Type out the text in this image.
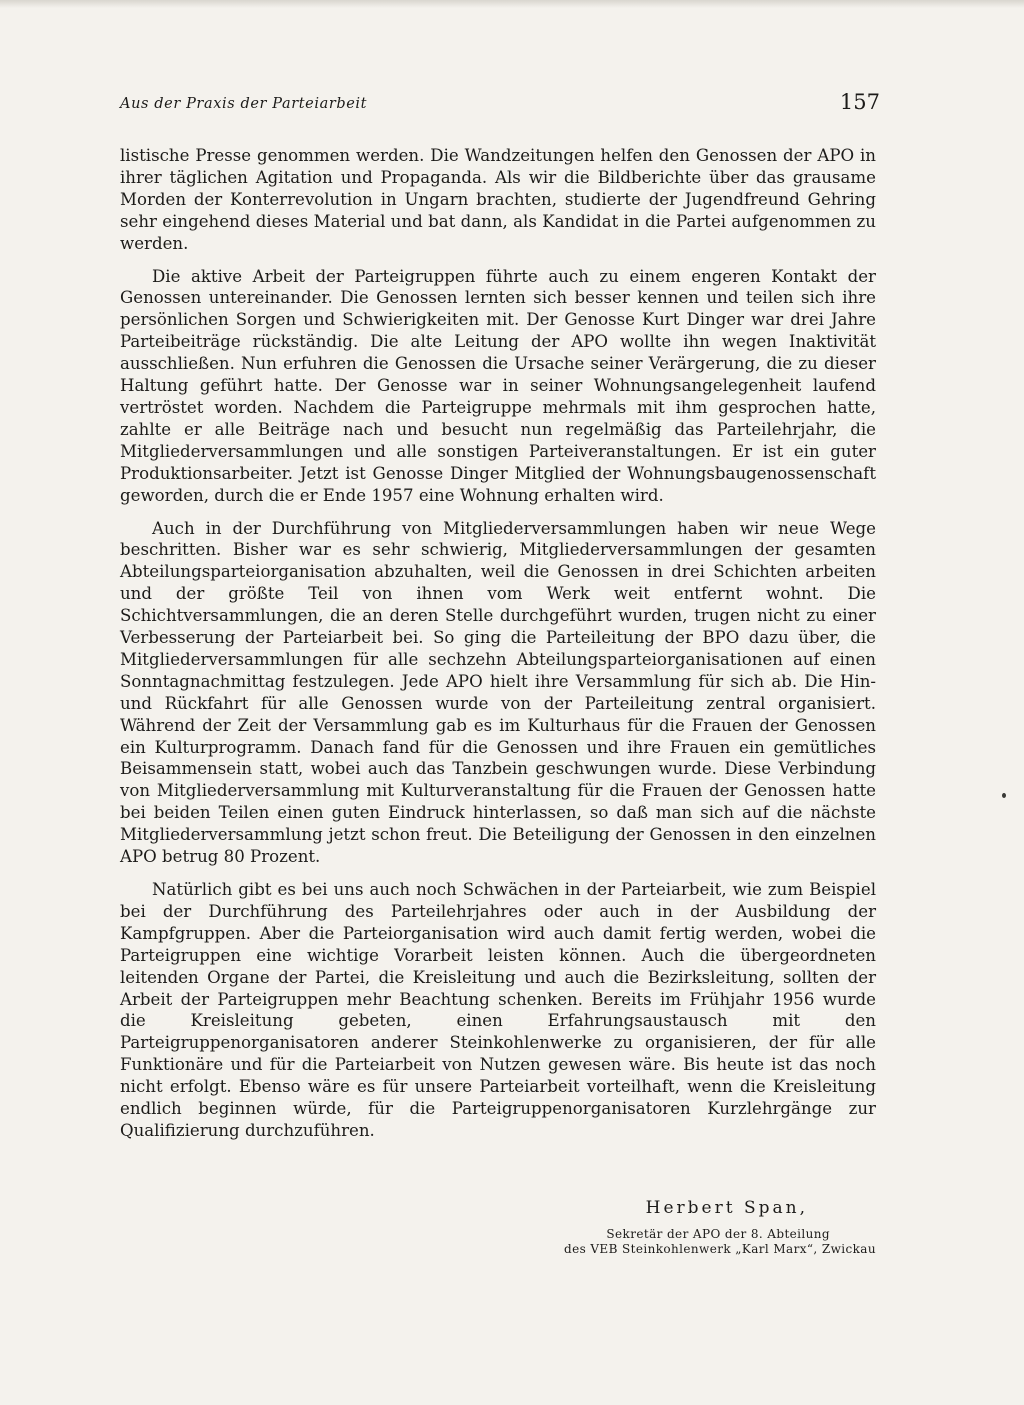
Aus der Praxis der Parteiarbeit	157

listische Presse genommen werden. Die Wandzeitungen helfen den Genossen der APO in ihrer täglichen Agitation und Propaganda. Als wir die Bildberichte über das grausame Morden der Konterrevolution in Ungarn brachten, studierte der Jugendfreund Gehring sehr eingehend dieses Material und bat dann, als Kandidat in die Partei aufgenommen zu werden.

Die aktive Arbeit der Parteigruppen führte auch zu einem engeren Kontakt der Genossen untereinander. Die Genossen lernten sich besser kennen und teilen sich ihre persönlichen Sorgen und Schwierigkeiten mit. Der Genosse Kurt Dinger war drei Jahre Parteibeiträge rückständig. Die alte Leitung der APO wollte ihn wegen Inaktivität ausschließen. Nun erfuhren die Genossen die Ursache seiner Verärgerung, die zu dieser Haltung geführt hatte. Der Genosse war in seiner Wohnungsangelegenheit laufend vertröstet worden. Nachdem die Parteigruppe mehrmals mit ihm gesprochen hatte, zahlte er alle Beiträge nach und besucht nun regelmäßig das Parteilehrjahr, die Mitgliederversammlungen und alle sonstigen Parteiveranstaltungen. Er ist ein guter Produktionsarbeiter. Jetzt ist Genosse Dinger Mitglied der Wohnungsbaugenossenschaft geworden, durch die er Ende 1957 eine Wohnung erhalten wird.

Auch in der Durchführung von Mitgliederversammlungen haben wir neue Wege beschritten. Bisher war es sehr schwierig, Mitgliederversammlungen der gesamten Abteilungsparteiorganisation abzuhalten, weil die Genossen in drei Schichten arbeiten und der größte Teil von ihnen vom Werk weit entfernt wohnt. Die Schichtversammlungen, die an deren Stelle durchgeführt wurden, trugen nicht zu einer Verbesserung der Parteiarbeit bei. So ging die Parteileitung der BPO dazu über, die Mitgliederversammlungen für alle sechzehn Abteilungsparteiorganisationen auf einen Sonntagnachmittag festzulegen. Jede APO hielt ihre Versammlung für sich ab. Die Hin- und Rückfahrt für alle Genossen wurde von der Parteileitung zentral organisiert. Während der Zeit der Versammlung gab es im Kulturhaus für die Frauen der Genossen ein Kulturprogramm. Danach fand für die Genossen und ihre Frauen ein gemütliches Beisammensein statt, wobei auch das Tanzbein geschwungen wurde. Diese Verbindung von Mitgliederversammlung mit Kulturveranstaltung für die Frauen der Genossen hatte bei beiden Teilen einen guten Eindruck hinterlassen, so daß man sich auf die nächste Mitgliederversammlung jetzt schon freut. Die Beteiligung der Genossen in den einzelnen APO betrug 80 Prozent.

Natürlich gibt es bei uns auch noch Schwächen in der Parteiarbeit, wie zum Beispiel bei der Durchführung des Parteilehrjahres oder auch in der Ausbildung der Kampfgruppen. Aber die Parteiorganisation wird auch damit fertig werden, wobei die Parteigruppen eine wichtige Vorarbeit leisten können. Auch die übergeordneten leitenden Organe der Partei, die Kreisleitung und auch die Bezirksleitung, sollten der Arbeit der Parteigruppen mehr Beachtung schenken. Bereits im Frühjahr 1956 wurde die Kreisleitung gebeten, einen Erfahrungsaustausch mit den Parteigruppenorganisatoren anderer Steinkohlenwerke zu organisieren, der für alle Funktionäre und für die Parteiarbeit von Nutzen gewesen wäre. Bis heute ist das noch nicht erfolgt. Ebenso wäre es für unsere Parteiarbeit vorteilhaft, wenn die Kreisleitung endlich beginnen würde, für die Parteigruppenorganisatoren Kurzlehrgänge zur Qualifizierung durchzuführen.

Herbert Span,
Sekretär der APO der 8. Abteilung
des VEB Steinkohlenwerk „Karl Marx“, Zwickau
